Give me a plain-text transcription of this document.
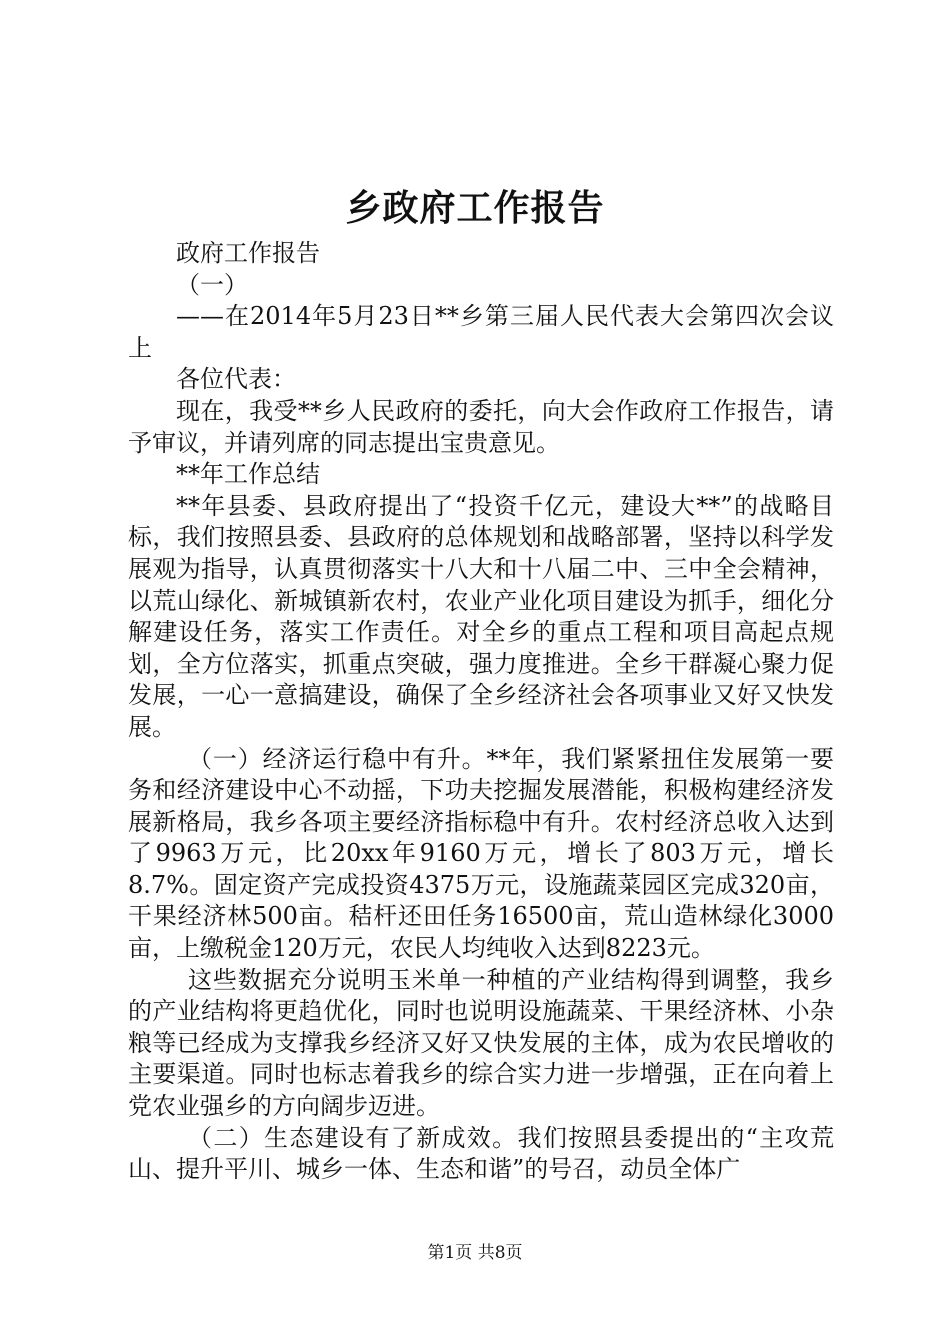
乡政府工作报告

政府工作报告

（一）

——在2014年5月23日**乡第三届人民代表大会第四次会议上

各位代表：

现在，我受**乡人民政府的委托，向大会作政府工作报告，请予审议，并请列席的同志提出宝贵意见。

**年工作总结

**年县委、县政府提出了“投资千亿元，建设大**”的战略目标，我们按照县委、县政府的总体规划和战略部署，坚持以科学发展观为指导，认真贯彻落实十八大和十八届二中、三中全会精神，以荒山绿化、新城镇新农村，农业产业化项目建设为抓手，细化分解建设任务，落实工作责任。对全乡的重点工程和项目高起点规划，全方位落实，抓重点突破，强力度推进。全乡干群凝心聚力促发展，一心一意搞建设，确保了全乡经济社会各项事业又好又快发展。

（一）经济运行稳中有升。**年，我们紧紧扭住发展第一要务和经济建设中心不动摇，下功夫挖掘发展潜能，积极构建经济发展新格局，我乡各项主要经济指标稳中有升。农村经济总收入达到了9963万元，比20xx年9160万元，增长了803万元，增长8.7%。固定资产完成投资4375万元，设施蔬菜园区完成320亩，干果经济林500亩。秸杆还田任务16500亩，荒山造林绿化3000亩，上缴税金120万元，农民人均纯收入达到8223元。

这些数据充分说明玉米单一种植的产业结构得到调整，我乡的产业结构将更趋优化，同时也说明设施蔬菜、干果经济林、小杂粮等已经成为支撑我乡经济又好又快发展的主体，成为农民增收的主要渠道。同时也标志着我乡的综合实力进一步增强，正在向着上党农业强乡的方向阔步迈进。

（二）生态建设有了新成效。我们按照县委提出的“主攻荒山、提升平川、城乡一体、生态和谐”的号召，动员全体广

第1页 共8页
